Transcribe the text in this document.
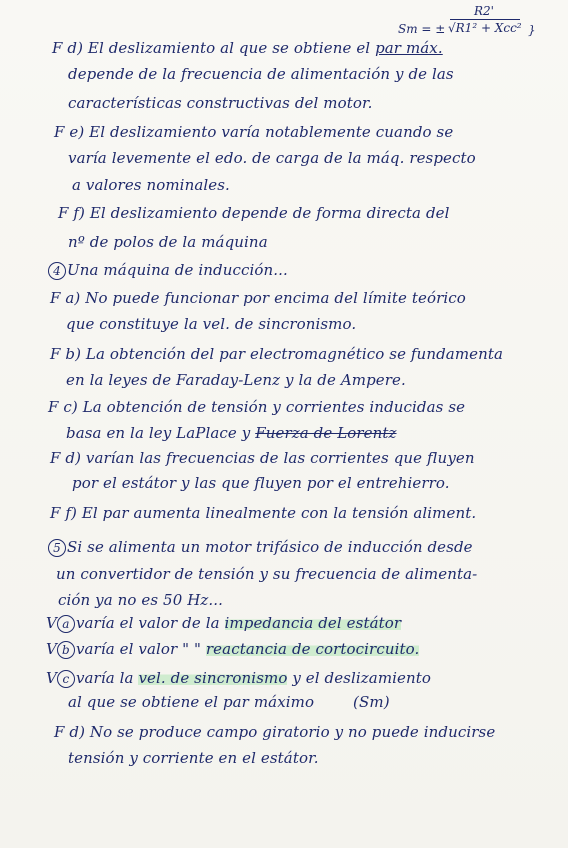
Sm = ±
R2'
√R1² + Xcc² }
F d) El deslizamiento al que se obtiene el par máx.
depende de la frecuencia de alimentación y de las
características constructivas del motor.
F e) El deslizamiento varía notablemente cuando se
varía levemente el edo. de carga de la máq. respecto
a valores nominales.
F f) El deslizamiento depende de forma directa del
nº de polos de la máquina
4 Una máquina de inducción...
F a) No puede funcionar por encima del límite teórico
que constituye la vel. de sincronismo.
F b) La obtención del par electromagnético se fundamenta
en la leyes de Faraday-Lenz y la de Ampere.
F c) La obtención de tensión y corrientes inducidas se
basa en la ley LaPlace y Fuerza de Lorentz
F d) varían las frecuencias de las corrientes que fluyen
por el estátor y las que fluyen por el entrehierro.
F f) El par aumenta linealmente con la tensión aliment.
5 Si se alimenta un motor trifásico de inducción desde
un convertidor de tensión y su frecuencia de alimenta-
ción ya no es 50 Hz...
V a varía el valor de la impedancia del estátor
V b varía el valor " " reactancia de cortocircuito.
V c varía la vel. de sincronismo y el deslizamiento
al que se obtiene el par máximo        (Sm)
F d) No se produce campo giratorio y no puede inducirse
tensión y corriente en el estátor.
